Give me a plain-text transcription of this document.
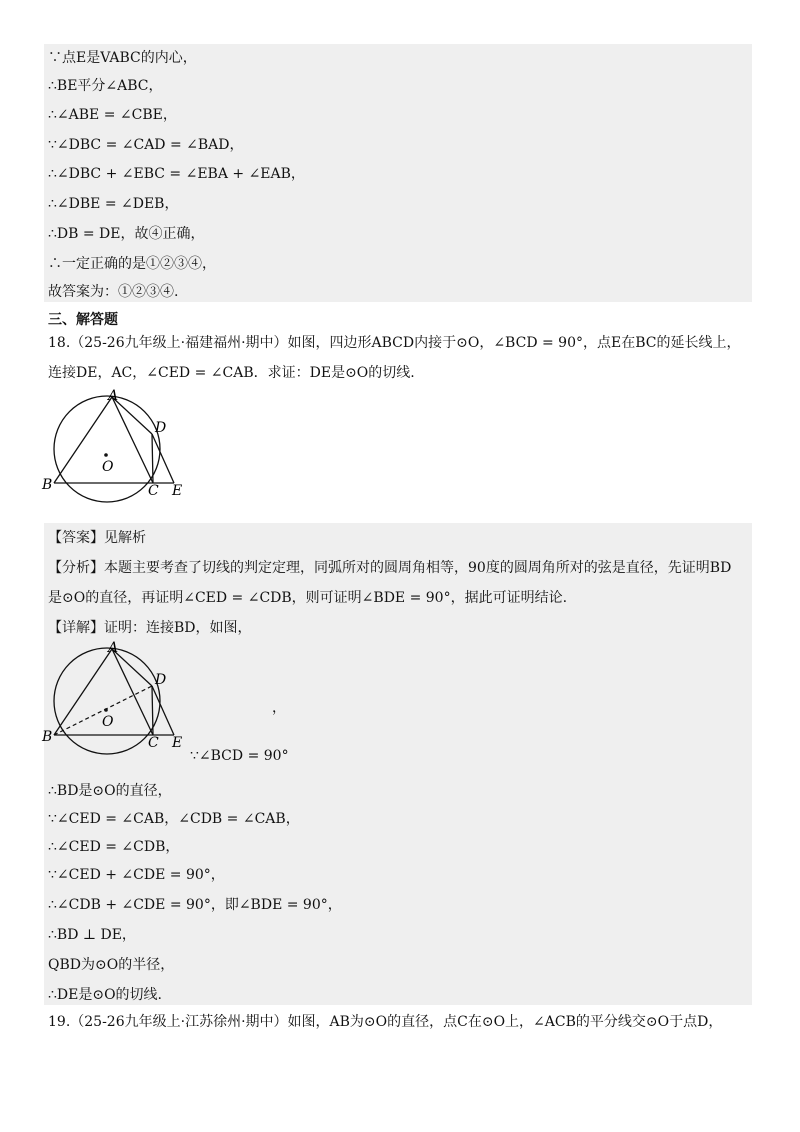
∵点E是VABC的内心，
∴BE平分∠ABC，
∴∠ABE = ∠CBE，
∵∠DBC = ∠CAD = ∠BAD，
∴∠DBC + ∠EBC = ∠EBA + ∠EAB，
∴∠DBE = ∠DEB，
∴DB = DE，故④正确，
∴一定正确的是①②③④，
故答案为：①②③④.
三、解答题
18.（25-26九年级上·福建福州·期中）如图，四边形ABCD内接于⊙O，∠BCD = 90°，点E在BC的延长线上，
连接DE，AC，∠CED = ∠CAB．求证：DE是⊙O的切线.
A
B	C
D
E
O
【答案】见解析
【分析】本题主要考查了切线的判定定理，同弧所对的圆周角相等，90度的圆周角所对的弦是直径，先证明BD
是⊙O的直径，再证明∠CED = ∠CDB，则可证明∠BDE = 90°，据此可证明结论.
【详解】证明：连接BD，如图，
A
B	C
D
E
O
，
∵∠BCD = 90°
∴BD是⊙O的直径，
∵∠CED = ∠CAB，∠CDB = ∠CAB，
∴∠CED = ∠CDB，
∵∠CED + ∠CDE = 90°，
∴∠CDB + ∠CDE = 90°，即∠BDE = 90°，
∴BD ⊥ DE，
QBD为⊙O的半径，
∴DE是⊙O的切线.
19.（25-26九年级上·江苏徐州·期中）如图，AB为⊙O的直径，点C在⊙O上，∠ACB的平分线交⊙O于点D，
